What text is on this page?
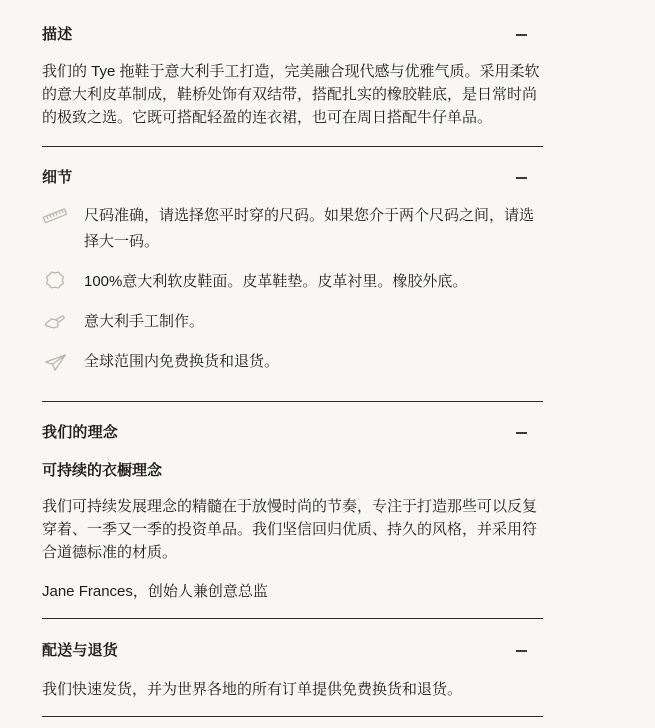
描述

我们的 Tye 拖鞋于意大利手工打造，完美融合现代感与优雅气质。采用柔软的意大利皮革制成，鞋桥处饰有双结带，搭配扎实的橡胶鞋底，是日常时尚的极致之选。它既可搭配轻盈的连衣裙，也可在周日搭配牛仔单品。

细节

尺码准确，请选择您平时穿的尺码。如果您介于两个尺码之间，请选择大一码。

100%意大利软皮鞋面。皮革鞋垫。皮革衬里。橡胶外底。

意大利手工制作。

全球范围内免费换货和退货。

我们的理念
可持续的衣橱理念

我们可持续发展理念的精髓在于放慢时尚的节奏，专注于打造那些可以反复穿着、一季又一季的投资单品。我们坚信回归优质、持久的风格，并采用符合道德标准的材质。

Jane Frances，创始人兼创意总监

配送与退货

我们快速发货，并为世界各地的所有订单提供免费换货和退货。
